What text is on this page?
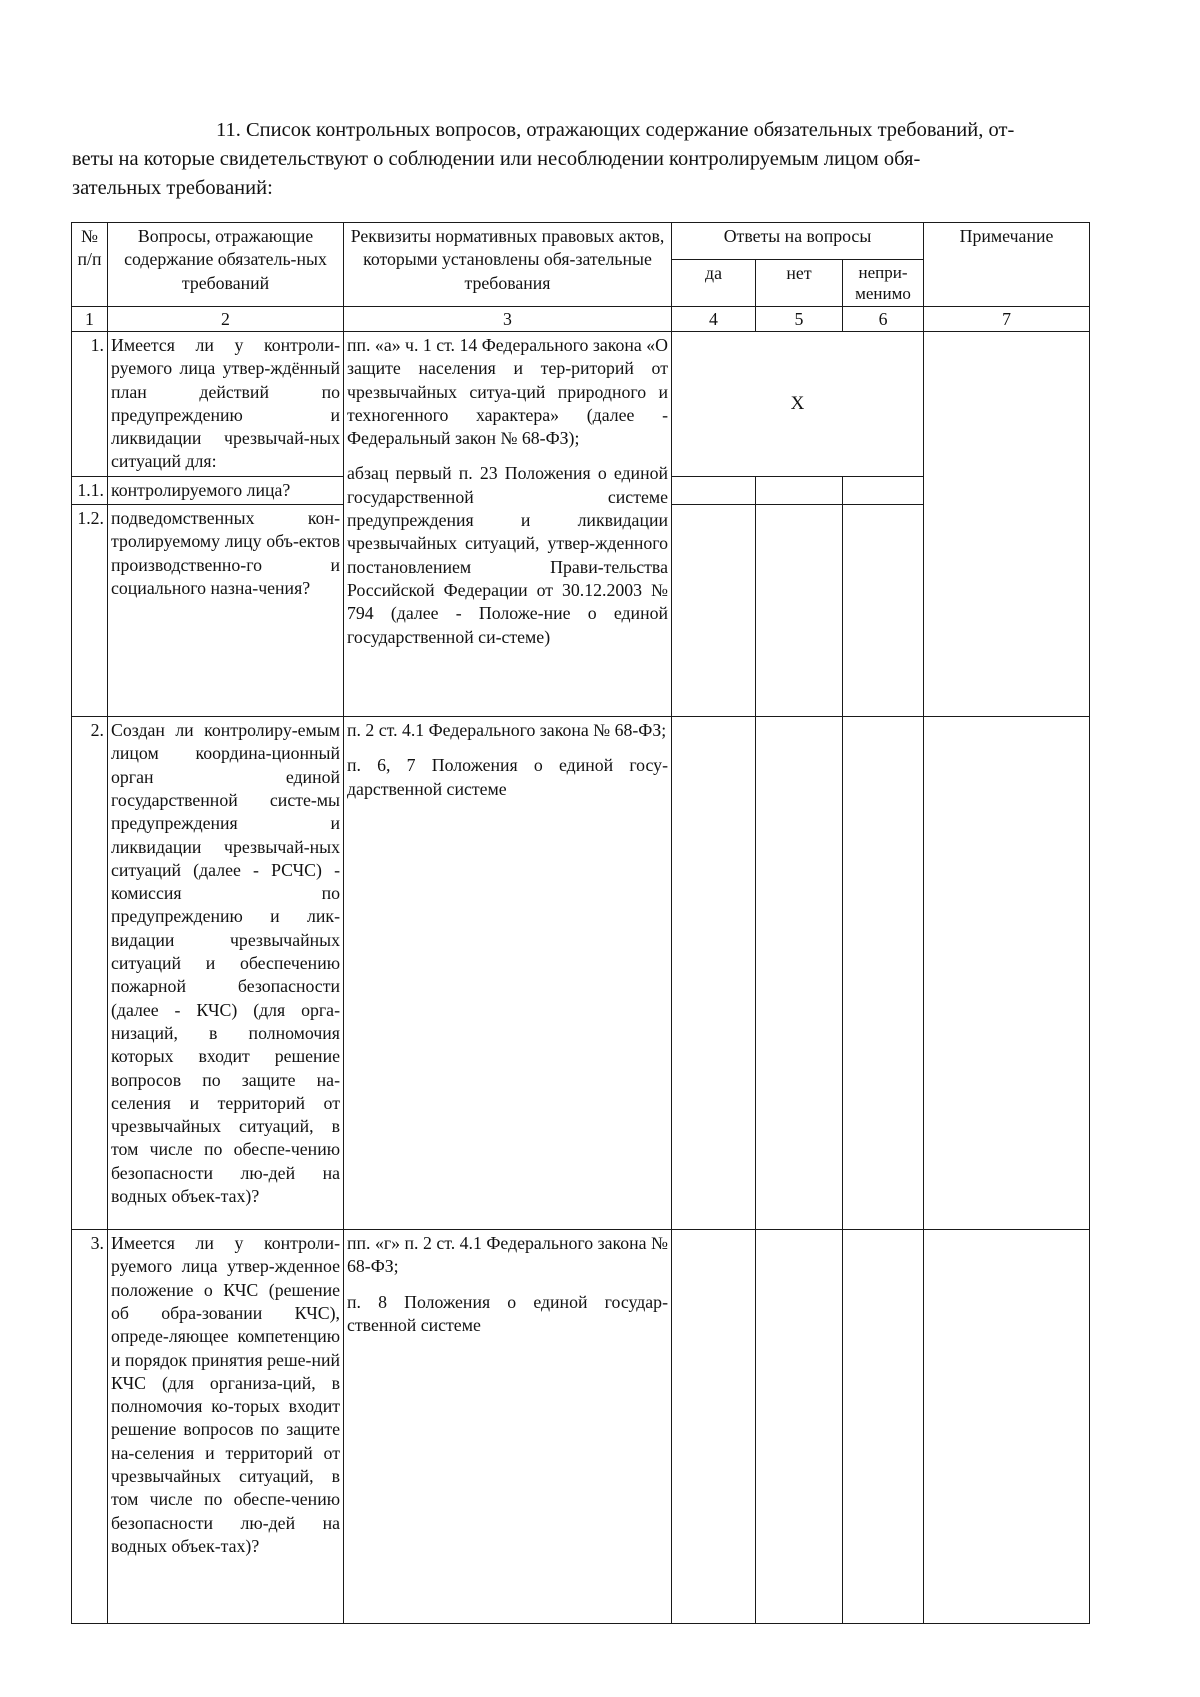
11. Список контрольных вопросов, отражающих содержание обязательных требований, от-
веты на которые свидетельствуют о соблюдении или несоблюдении контролируемым лицом обя-
зательных требований:
№ п/п	Вопросы, отражающие содержание обязатель-ных требований	Реквизиты нормативных правовых актов, которыми установлены обя-зательные требования	Ответы на вопросы			Примечание
			да	нет	непри-менимо	
1	2	3	4	5	6	7
1.	Имеется ли у контроли-руемого лица утвер-ждённый план действий по предупреждению и ликвидации чрезвычай-ных ситуаций для:	пп. «а» ч. 1 ст. 14 Федерального закона «О защите населения и тер-риторий от чрезвычайных ситуа-ций природного и техногенного характера» (далее - Федеральный закон № 68-ФЗ);

абзац первый п. 23 Положения о единой государственной системе предупреждения и ликвидации чрезвычайных ситуаций, утвер-жденного постановлением Прави-тельства Российской Федерации от 30.12.2003 № 794 (далее - Положе-ние о единой государственной си-стеме)	X			
1.1.	контролируемого лица?					
1.2.	подведомственных кон-тролируемому лицу объ-ектов производственно-го и социального назна-чения?					
2.	Создан ли контролиру-емым лицом координа-ционный орган единой государственной систе-мы предупреждения и ликвидации чрезвычай-ных ситуаций (далее - РСЧС) - комиссия по предупреждению и лик-видации чрезвычайных ситуаций и обеспечению пожарной безопасности (далее - КЧС) (для орга-низаций, в полномочия которых входит решение вопросов по защите на-селения и территорий от чрезвычайных ситуаций, в том числе по обеспе-чению безопасности лю-дей на водных объек-тах)?	п. 2 ст. 4.1 Федерального закона № 68-ФЗ;

п. 6, 7 Положения о единой госу-дарственной системе				

3.	Имеется ли у контроли-руемого лица утвер-жденное положение о КЧС (решение об обра-зовании КЧС), опреде-ляющее компетенцию и порядок принятия реше-ний КЧС (для организа-ций, в полномочия ко-торых входит решение вопросов по защите на-селения и территорий от чрезвычайных ситуаций, в том числе по обеспе-чению безопасности лю-дей на водных объек-тах)?	пп. «г» п. 2 ст. 4.1 Федерального закона № 68-ФЗ;

п. 8 Положения о единой государ-ственной системе				
